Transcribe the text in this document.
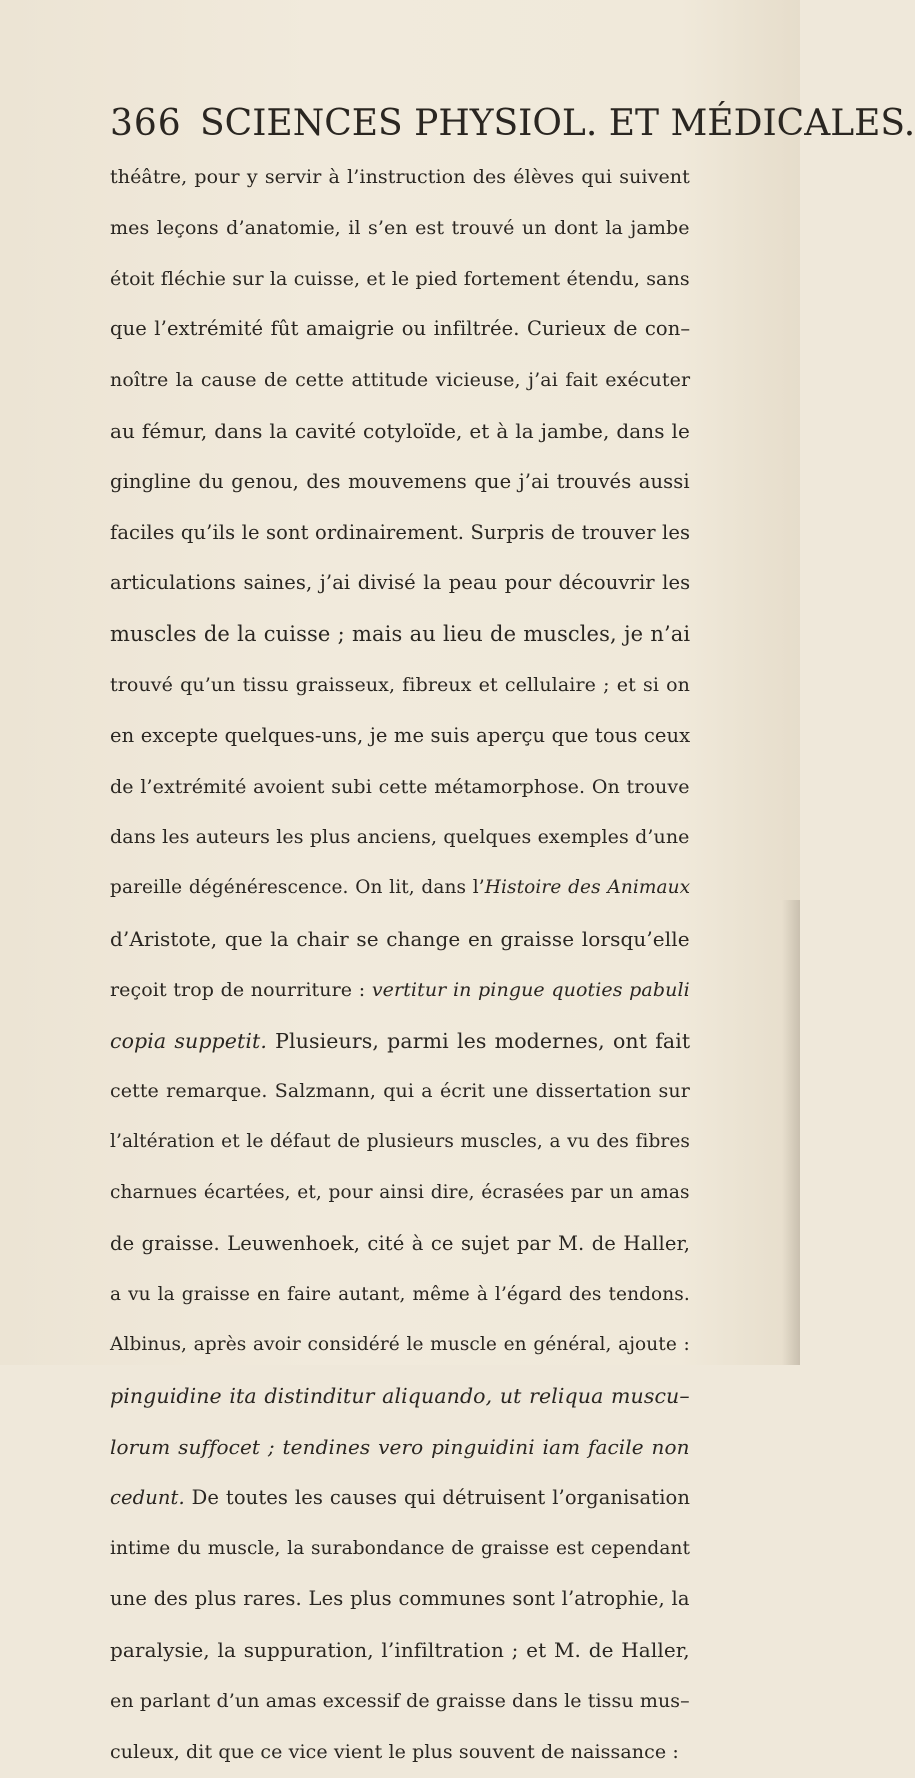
366 SCIENCES PHYSIOL. ET MÉDICALES.
théâtre, pour y servir à l’instruction des élèves qui suivent
mes leçons d’anatomie, il s’en est trouvé un dont la jambe
étoit fléchie sur la cuisse, et le pied fortement étendu, sans
que l’extrémité fût amaigrie ou infiltrée. Curieux de con–
noître la cause de cette attitude vicieuse, j’ai fait exécuter
au fémur, dans la cavité cotyloïde, et à la jambe, dans le
gingline du genou, des mouvemens que j’ai trouvés aussi
faciles qu’ils le sont ordinairement. Surpris de trouver les
articulations saines, j’ai divisé la peau pour découvrir les
muscles de la cuisse ; mais au lieu de muscles, je n’ai
trouvé qu’un tissu graisseux, fibreux et cellulaire ; et si on
en excepte quelques-uns, je me suis aperçu que tous ceux
de l’extrémité avoient subi cette métamorphose. On trouve
dans les auteurs les plus anciens, quelques exemples d’une
pareille dégénérescence. On lit, dans l’Histoire des Animaux
d’Aristote, que la chair se change en graisse lorsqu’elle
reçoit trop de nourriture : vertitur in pingue quoties pabuli
copia suppetit. Plusieurs, parmi les modernes, ont fait
cette remarque. Salzmann, qui a écrit une dissertation sur
l’altération et le défaut de plusieurs muscles, a vu des fibres
charnues écartées, et, pour ainsi dire, écrasées par un amas
de graisse. Leuwenhoek, cité à ce sujet par M. de Haller,
a vu la graisse en faire autant, même à l’égard des tendons.
Albinus, après avoir considéré le muscle en général, ajoute :
pinguidine ita distinditur aliquando, ut reliqua muscu–
lorum suffocet ; tendines vero pinguidini iam facile non
cedunt. De toutes les causes qui détruisent l’organisation
intime du muscle, la surabondance de graisse est cependant
une des plus rares. Les plus communes sont l’atrophie, la
paralysie, la suppuration, l’infiltration ; et M. de Haller,
en parlant d’un amas excessif de graisse dans le tissu mus–
culeux, dit que ce vice vient le plus souvent de naissance :
